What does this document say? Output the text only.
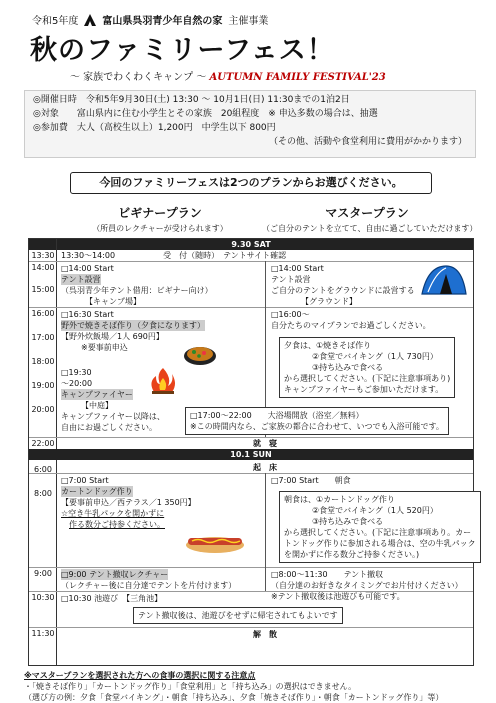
令和5年度 富山県呉羽青少年自然の家 主催事業
秋のファミリーフェス！
～ 家族でわくわくキャンプ ～ AUTUMN FAMILY FESTIVAL'23
◎開催日時　令和5年9月30日(土) 13:30 ～ 10月1日(日) 11:30までの1泊2日
◎対象　　富山県内に住む小学生とその家族　20組程度　※ 申込多数の場合は、抽選
◎参加費　大人（高校生以上）1,200円　中学生以下 800円
（その他、活動や食堂利用に費用がかかります）
今回のファミリーフェスは2つのプランからお選びください。
ビギナープラン
（所員のレクチャーが受けられます）
マスタープラン
（ご自分のテントを立てて、自由に過ごしていただけます）
9.30 SAT
13:30
14:00
15:00
16:00
17:00
18:00
19:00
20:00
22:00
6:00
8:00
9:00
10:30
11:30
10.1 SUN
13:30～14:00　　　　　　受　付（随時）　テントサイト確認
□14:00 Start
テント設営
（呉羽青少年テント借用：ビギナー向け）
【キャンプ場】
□14:00 Start
テント設営
ご自分のテントをグラウンドに設営する
【グラウンド】
□16:30 Start
野外で焼きそば作り（夕食になります）
【野外炊飯場／1人 690円】
※要事前申込
□16:00～
自分たちのマイプランでお過ごしください。
夕食は、①焼きそば作り
②食堂でバイキング（1人 730円）
③持ち込みで食べる
から選択してください。(下記に注意事項あり)
キャンプファイヤーもご参加いただけます。
□19:30
～20:00
キャンプファイヤー
【中庭】
キャンプファイヤー以降は、
自由にお過ごしください。
□17:00～22:00　　大浴場開放（浴室／無料）
※この時間内なら、ご家族の都合に合わせて、いつでも入浴可能です。
就　寝
起　床
□7:00 Start
カートンドッグ作り
【要事前申込／西テラス／1 350円】
☆空き牛乳パックを開かずに
作る数分ご持参ください。
□7:00 Start　　朝食
朝食は、①カートンドッグ作り
②食堂でバイキング（1人 520円）
③持ち込みで食べる
から選択してください。(下記に注意事項あり。カー
トンドッグ作りに参加される場合は、空の牛乳パック
を開かずに作る数分ご持参ください。)
□9:00 テント撤収レクチャー
（レクチャー後に自分達でテントを片付けます）
□8:00～11:30　　テント撤収
（自分達のお好きなタイミングでお片付けください）
※テント撤収後は池遊びも可能です。
□10:30 池遊び　【三角池】
テント撤収後は、池遊びをせずに帰宅されてもよいです
解　散
※マスタープランを選択された方への食事の選択に関する注意点
・「焼きそば作り」「カートンドッグ作り」「食堂利用」と「持ち込み」の選択はできません。
（選び方の例：夕食「食堂バイキング」・朝食「持ち込み」、夕食「焼きそば作り」・朝食「カートンドッグ作り」等）
